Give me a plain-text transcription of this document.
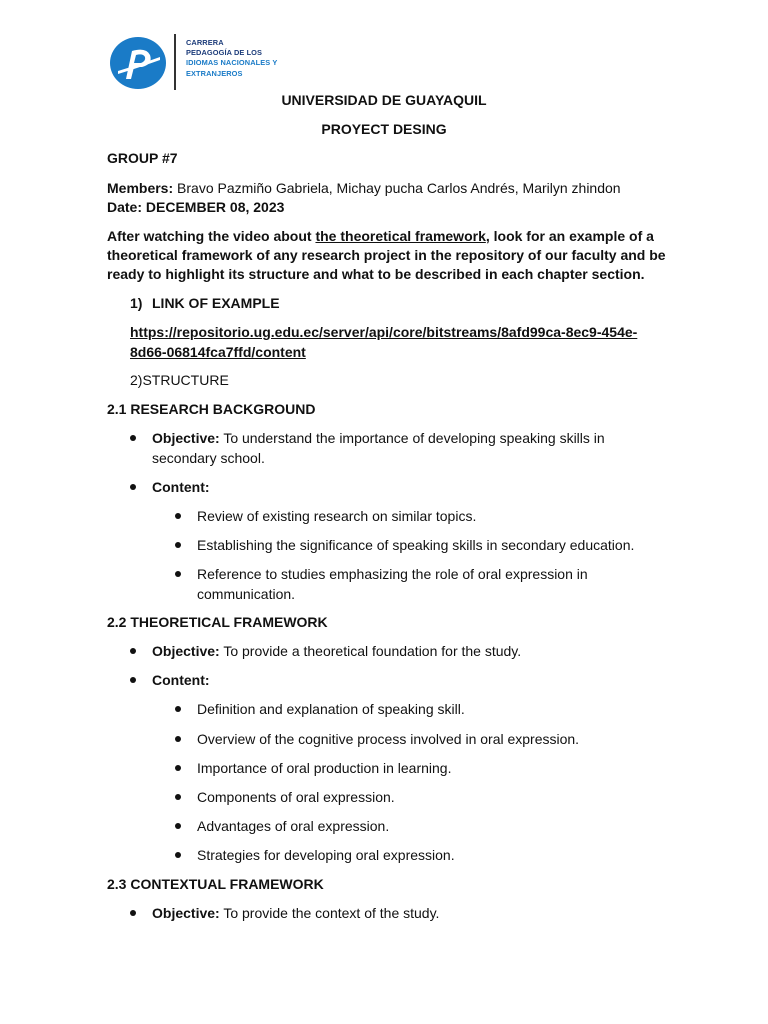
CARRERA
PEDAGOGÍA DE LOS
IDIOMAS NACIONALES Y
EXTRANJEROS
UNIVERSIDAD DE GUAYAQUIL
PROYECT DESING
GROUP #7
Members: Bravo Pazmiño Gabriela, Michay pucha Carlos Andrés, Marilyn zhindon
Date: DECEMBER 08, 2023
After watching the video about the theoretical framework, look for an example of a
theoretical framework of any research project in the repository of our faculty and be
ready to highlight its structure and what to be described in each chapter section.
1) LINK OF EXAMPLE
https://repositorio.ug.edu.ec/server/api/core/bitstreams/8afd99ca-8ec9-454e-
8d66-06814fca7ffd/content
2)STRUCTURE
2.1 RESEARCH BACKGROUND
Objective: To understand the importance of developing speaking skills in
secondary school.
Content:
Review of existing research on similar topics.
Establishing the significance of speaking skills in secondary education.
Reference to studies emphasizing the role of oral expression in
communication.
2.2 THEORETICAL FRAMEWORK
Objective: To provide a theoretical foundation for the study.
Content:
Definition and explanation of speaking skill.
Overview of the cognitive process involved in oral expression.
Importance of oral production in learning.
Components of oral expression.
Advantages of oral expression.
Strategies for developing oral expression.
2.3 CONTEXTUAL FRAMEWORK
Objective: To provide the context of the study.
